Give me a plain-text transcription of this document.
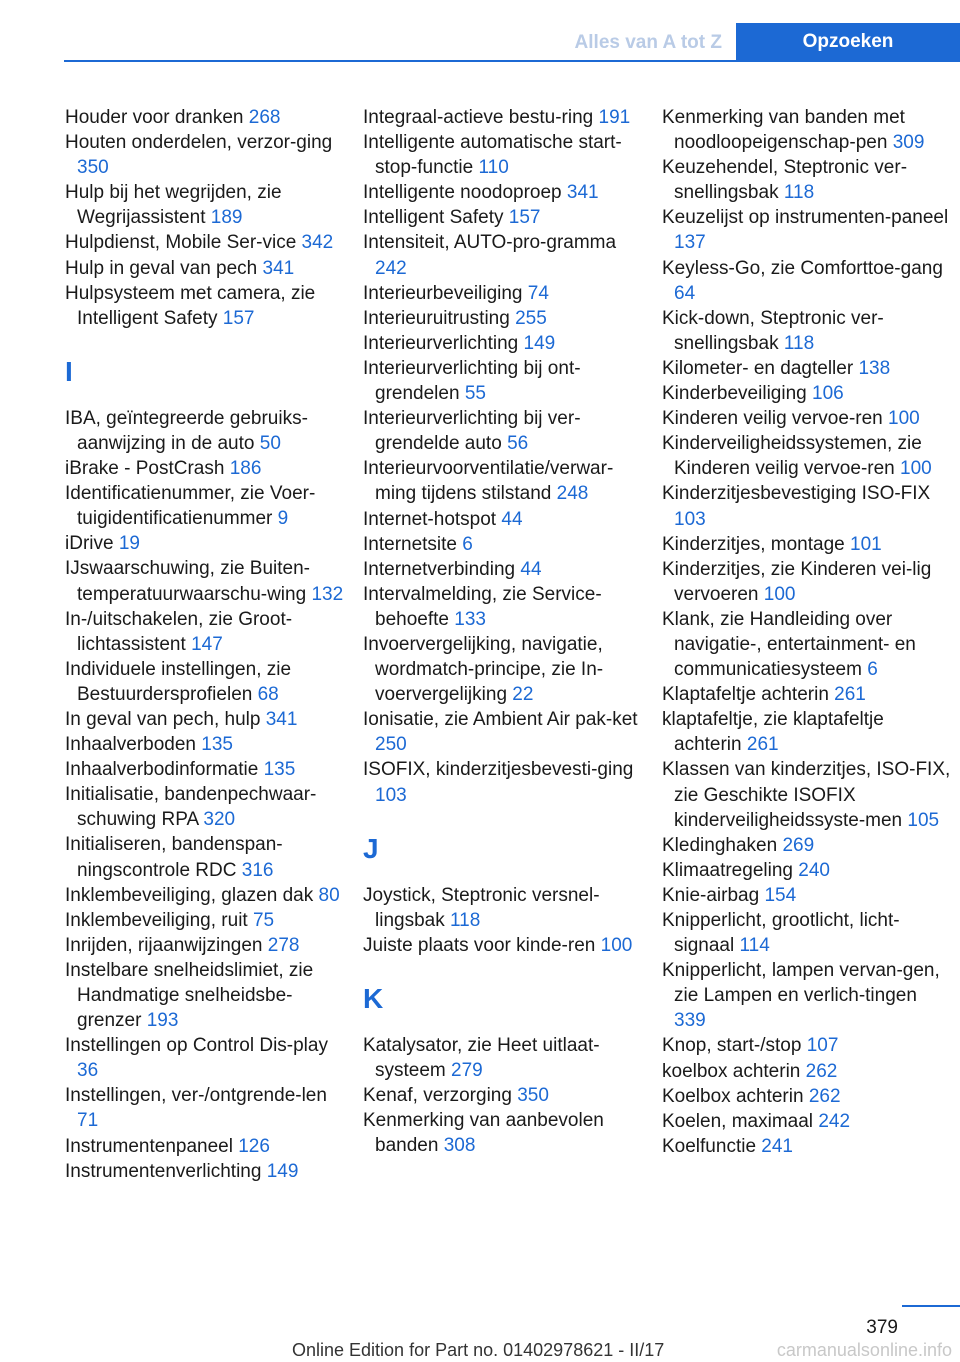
Alles van A tot Z	Opzoeken
Houder voor dranken 268
Houten onderdelen, verzor-ging 350
Hulp bij het wegrijden, zie Wegrijassistent 189
Hulpdienst, Mobile Ser-vice 342
Hulp in geval van pech 341
Hulpsysteem met camera, zie Intelligent Safety 157
I
IBA, geïntegreerde gebruiks-aanwijzing in de auto 50
iBrake - PostCrash 186
Identificatienummer, zie Voer-tuigidentificatienummer 9
iDrive 19
IJswaarschuwing, zie Buiten-temperatuurwaarschu-wing 132
In-/uitschakelen, zie Groot-lichtassistent 147
Individuele instellingen, zie Bestuurdersprofielen 68
In geval van pech, hulp 341
Inhaalverboden 135
Inhaalverbodinformatie 135
Initialisatie, bandenpechwaar-schuwing RPA 320
Initialiseren, bandenspan-ningscontrole RDC 316
Inklembeveiliging, glazen dak 80
Inklembeveiliging, ruit 75
Inrijden, rijaanwijzingen 278
Instelbare snelheidslimiet, zie Handmatige snelheidsbe-grenzer 193
Instellingen op Control Dis-play 36
Instellingen, ver-/ontgrende-len 71
Instrumentenpaneel 126
Instrumentenverlichting 149
Integraal-actieve bestu-ring 191
Intelligente automatische start-stop-functie 110
Intelligente noodoproep 341
Intelligent Safety 157
Intensiteit, AUTO-pro-gramma 242
Interieurbeveiliging 74
Interieuruitrusting 255
Interieurverlichting 149
Interieurverlichting bij ont-grendelen 55
Interieurverlichting bij ver-grendelde auto 56
Interieurvoorventilatie/verwar-ming tijdens stilstand 248
Internet-hotspot 44
Internetsite 6
Internetverbinding 44
Intervalmelding, zie Service-behoefte 133
Invoervergelijking, navigatie, wordmatch-principe, zie In-voervergelijking 22
Ionisatie, zie Ambient Air pak-ket 250
ISOFIX, kinderzitjesbevesti-ging 103
J
Joystick, Steptronic versnel-lingsbak 118
Juiste plaats voor kinde-ren 100
K
Katalysator, zie Heet uitlaat-systeem 279
Kenaf, verzorging 350
Kenmerking van aanbevolen banden 308
Kenmerking van banden met noodloopeigenschap-pen 309
Keuzehendel, Steptronic ver-snellingsbak 118
Keuzelijst op instrumenten-paneel 137
Keyless-Go, zie Comforttoe-gang 64
Kick-down, Steptronic ver-snellingsbak 118
Kilometer- en dagteller 138
Kinderbeveiliging 106
Kinderen veilig vervoe-ren 100
Kinderveiligheidssystemen, zie Kinderen veilig vervoe-ren 100
Kinderzitjesbevestiging ISO-FIX 103
Kinderzitjes, montage 101
Kinderzitjes, zie Kinderen vei-lig vervoeren 100
Klank, zie Handleiding over navigatie-, entertainment- en communicatiesysteem 6
Klaptafeltje achterin 261
klaptafeltje, zie klaptafeltje achterin 261
Klassen van kinderzitjes, ISO-FIX, zie Geschikte ISOFIX kinderveiligheidssyste-men 105
Kledinghaken 269
Klimaatregeling 240
Knie-airbag 154
Knipperlicht, grootlicht, licht-signaal 114
Knipperlicht, lampen vervan-gen, zie Lampen en verlich-tingen 339
Knop, start-/stop 107
koelbox achterin 262
Koelbox achterin 262
Koelen, maximaal 242
Koelfunctie 241
379
Online Edition for Part no. 01402978621 - II/17	carmanualsonline.info
